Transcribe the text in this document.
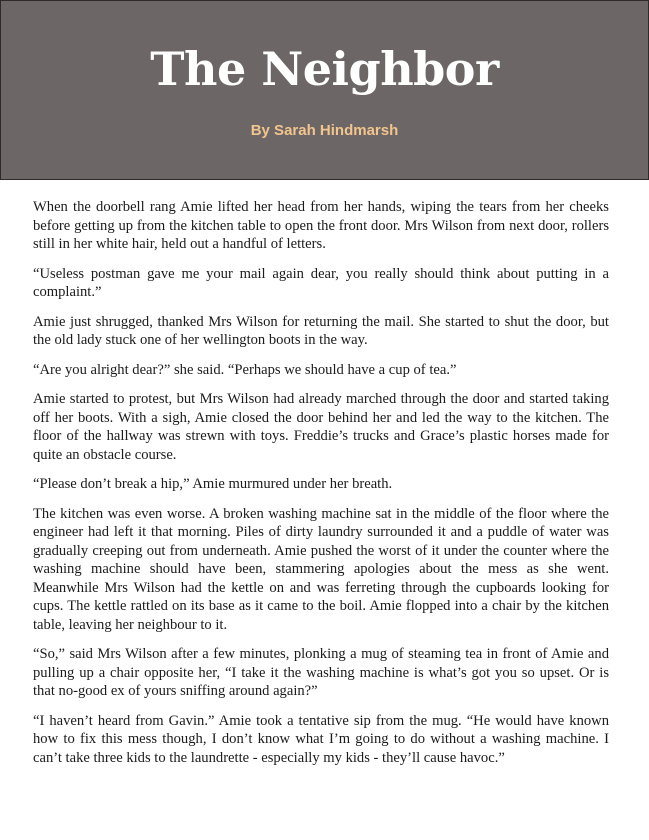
The Neighbor
By Sarah Hindmarsh

When the doorbell rang Amie lifted her head from her hands, wiping the tears from her cheeks before getting up from the kitchen table to open the front door. Mrs Wilson from next door, rollers still in her white hair, held out a handful of letters.

“Useless postman gave me your mail again dear, you really should think about putting in a complaint.”

Amie just shrugged, thanked Mrs Wilson for returning the mail. She started to shut the door, but the old lady stuck one of her wellington boots in the way.

“Are you alright dear?” she said. “Perhaps we should have a cup of tea.”

Amie started to protest, but Mrs Wilson had already marched through the door and started taking off her boots. With a sigh, Amie closed the door behind her and led the way to the kitchen. The floor of the hallway was strewn with toys. Freddie’s trucks and Grace’s plastic horses made for quite an obstacle course.

“Please don’t break a hip,” Amie murmured under her breath.

The kitchen was even worse. A broken washing machine sat in the middle of the floor where the engineer had left it that morning. Piles of dirty laundry surrounded it and a puddle of water was gradually creeping out from underneath. Amie pushed the worst of it under the counter where the washing machine should have been, stammering apologies about the mess as she went. Meanwhile Mrs Wilson had the kettle on and was ferreting through the cupboards looking for cups. The kettle rattled on its base as it came to the boil. Amie flopped into a chair by the kitchen table, leaving her neighbour to it.

“So,” said Mrs Wilson after a few minutes, plonking a mug of steaming tea in front of Amie and pulling up a chair opposite her, “I take it the washing machine is what’s got you so upset. Or is that no-good ex of yours sniffing around again?”

“I haven’t heard from Gavin.” Amie took a tentative sip from the mug. “He would have known how to fix this mess though, I don’t know what I’m going to do without a washing machine. I can’t take three kids to the laundrette - especially my kids - they’ll cause havoc.”
